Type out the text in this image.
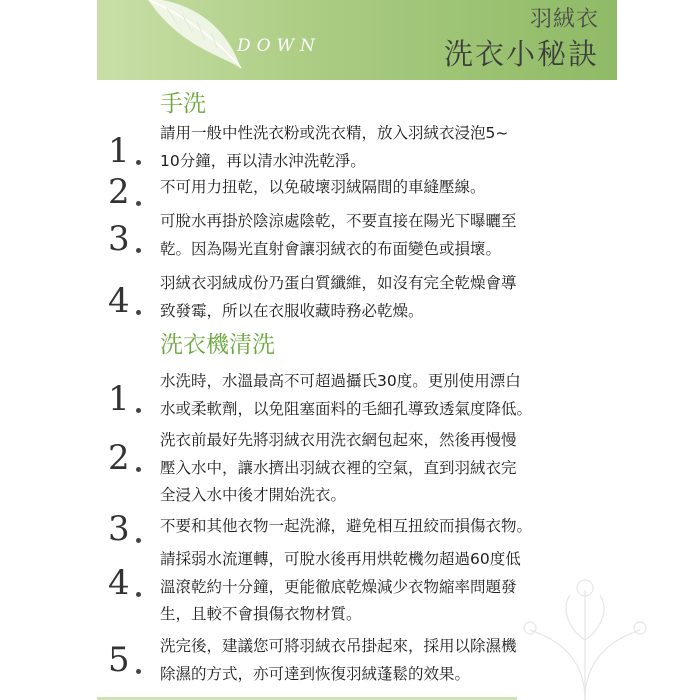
DOWN
羽絨衣
洗衣小秘訣
手洗
1 請用一般中性洗衣粉或洗衣精，放入羽絨衣浸泡5~
10分鐘，再以清水沖洗乾淨。
2 不可用力扭乾，以免破壞羽絨隔間的車縫壓線。
3 可脫水再掛於陰涼處陰乾，不要直接在陽光下曝曬至
乾。因為陽光直射會讓羽絨衣的布面變色或損壞。
4 羽絨衣羽絨成份乃蛋白質纖維，如沒有完全乾燥會導
致發霉，所以在衣服收藏時務必乾燥。
洗衣機清洗
1 水洗時，水溫最高不可超過攝氏30度。更別使用漂白
水或柔軟劑，以免阻塞面料的毛細孔導致透氣度降低。
2 洗衣前最好先將羽絨衣用洗衣網包起來，然後再慢慢
壓入水中，讓水擠出羽絨衣裡的空氣，直到羽絨衣完
全浸入水中後才開始洗衣。
3 不要和其他衣物一起洗滌，避免相互扭絞而損傷衣物。
4
請採弱水流運轉，可脫水後再用烘乾機勿超過60度低
溫滾乾約十分鐘，更能徹底乾燥減少衣物縮率問題發
生，且較不會損傷衣物材質。
5 洗完後，建議您可將羽絨衣吊掛起來，採用以除濕機
除濕的方式，亦可達到恢復羽絨蓬鬆的效果。
